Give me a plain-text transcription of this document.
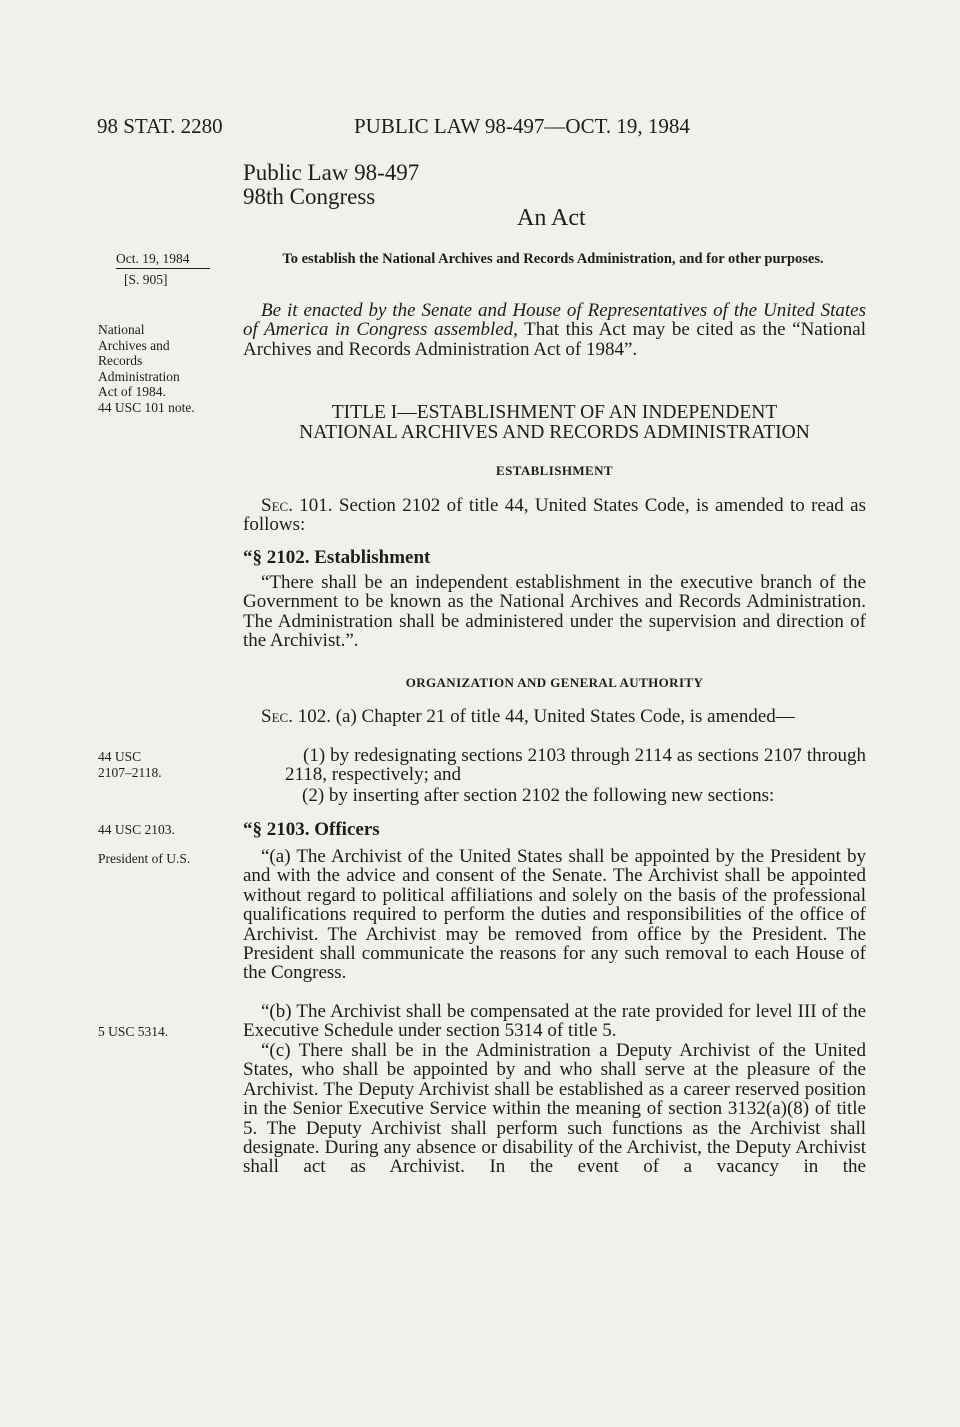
98 STAT. 2280	PUBLIC LAW 98-497—OCT. 19, 1984
Public Law 98-497
98th Congress
An Act
Oct. 19, 1984
[S. 905]
National
Archives and
Records
Administration
Act of 1984.
44 USC 101 note.
44 USC
2107–2118.
44 USC 2103.
President of U.S.
5 USC 5314.
To establish the National Archives and Records Administration, and for other purposes.

Be it enacted by the Senate and House of Representatives of the United States of America in Congress assembled, That this Act may be cited as the “National Archives and Records Administration Act of 1984”.

TITLE I—ESTABLISHMENT OF AN INDEPENDENT
NATIONAL ARCHIVES AND RECORDS ADMINISTRATION
ESTABLISHMENT

Sec. 101. Section 2102 of title 44, United States Code, is amended to read as follows:

“§ 2102. Establishment

“There shall be an independent establishment in the executive branch of the Government to be known as the National Archives and Records Administration. The Administration shall be administered under the supervision and direction of the Archivist.”.

ORGANIZATION AND GENERAL AUTHORITY

Sec. 102. (a) Chapter 21 of title 44, United States Code, is amended—

(1) by redesignating sections 2103 through 2114 as sections 2107 through 2118, respectively; and

(2) by inserting after section 2102 the following new sections:

“§ 2103. Officers

“(a) The Archivist of the United States shall be appointed by the President by and with the advice and consent of the Senate. The Archivist shall be appointed without regard to political affiliations and solely on the basis of the professional qualifications required to perform the duties and responsibilities of the office of Archivist. The Archivist may be removed from office by the President. The President shall communicate the reasons for any such removal to each House of the Congress.

“(b) The Archivist shall be compensated at the rate provided for level III of the Executive Schedule under section 5314 of title 5.

“(c) There shall be in the Administration a Deputy Archivist of the United States, who shall be appointed by and who shall serve at the pleasure of the Archivist. The Deputy Archivist shall be established as a career reserved position in the Senior Executive Service within the meaning of section 3132(a)(8) of title 5. The Deputy Archivist shall perform such functions as the Archivist shall designate. During any absence or disability of the Archivist, the Deputy Archivist shall act as Archivist. In the event of a vacancy in the
